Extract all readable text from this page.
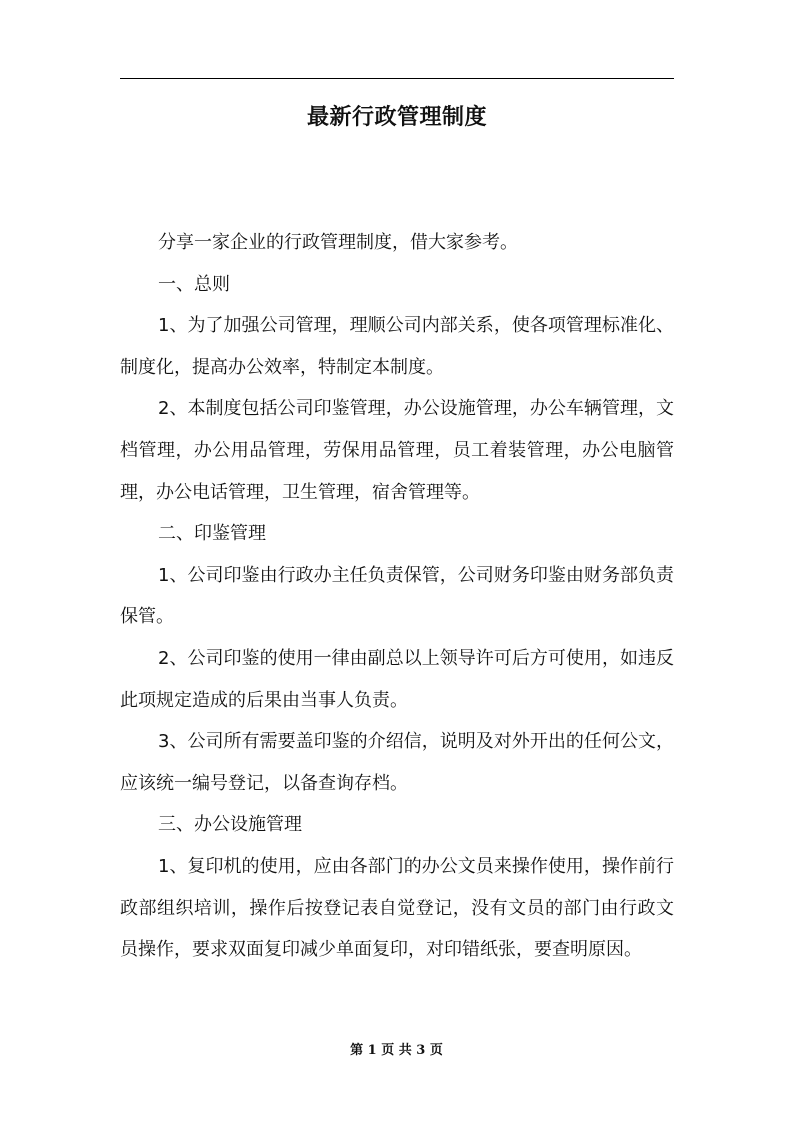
最新行政管理制度

分享一家企业的行政管理制度，借大家参考。

一、总则

1、为了加强公司管理，理顺公司内部关系，使各项管理标准化、制度化，提高办公效率，特制定本制度。

2、本制度包括公司印鉴管理，办公设施管理，办公车辆管理，文档管理，办公用品管理，劳保用品管理，员工着装管理，办公电脑管理，办公电话管理，卫生管理，宿舍管理等。

二、印鉴管理

1、公司印鉴由行政办主任负责保管，公司财务印鉴由财务部负责保管。

2、公司印鉴的使用一律由副总以上领导许可后方可使用，如违反此项规定造成的后果由当事人负责。

3、公司所有需要盖印鉴的介绍信，说明及对外开出的任何公文，应该统一编号登记，以备查询存档。

三、办公设施管理

1、复印机的使用，应由各部门的办公文员来操作使用，操作前行政部组织培训，操作后按登记表自觉登记，没有文员的部门由行政文员操作，要求双面复印减少单面复印，对印错纸张，要查明原因。

第 1 页 共 3 页
